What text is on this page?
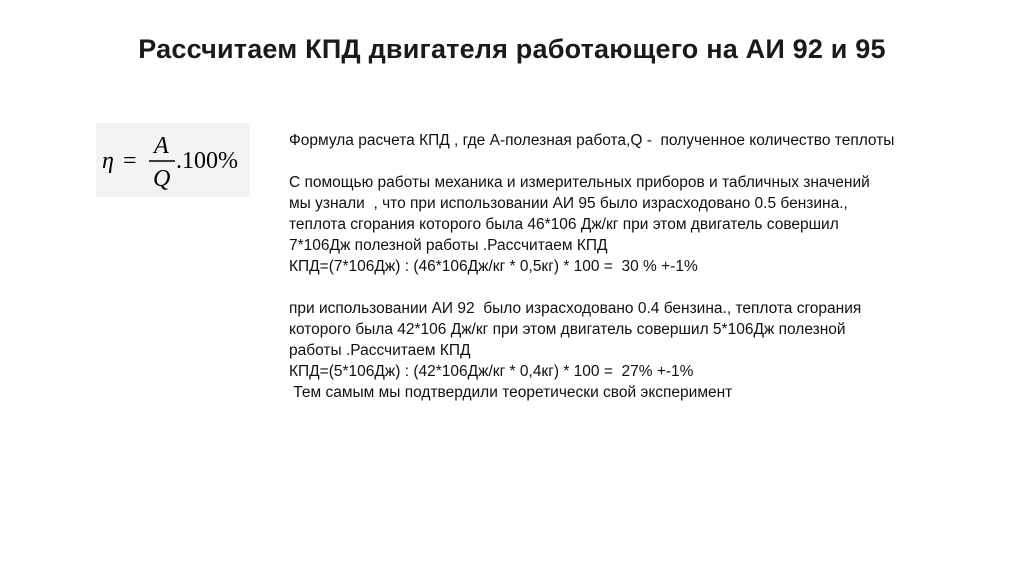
Рассчитаем КПД двигателя работающего на АИ 92 и 95
η =
A
Q
.100%

Формула расчета КПД , где А-полезная работа,Q -  полученное количество теплоты

С помощью работы механика и измерительных приборов и табличных значений

мы узнали  , что при использовании АИ 95 было израсходовано 0.5 бензина.,

теплота сгорания которого была 46*106 Дж/кг при этом двигатель совершил

7*106Дж полезной работы .Рассчитаем КПД

КПД=(7*106Дж) : (46*106Дж/кг * 0,5кг) * 100 =  30 % +-1%

при использовании АИ 92  было израсходовано 0.4 бензина., теплота сгорания

которого была 42*106 Дж/кг при этом двигатель совершил 5*106Дж полезной

работы .Рассчитаем КПД

КПД=(5*106Дж) : (42*106Дж/кг * 0,4кг) * 100 =  27% +-1%

Тем самым мы подтвердили теоретически свой эксперимент
